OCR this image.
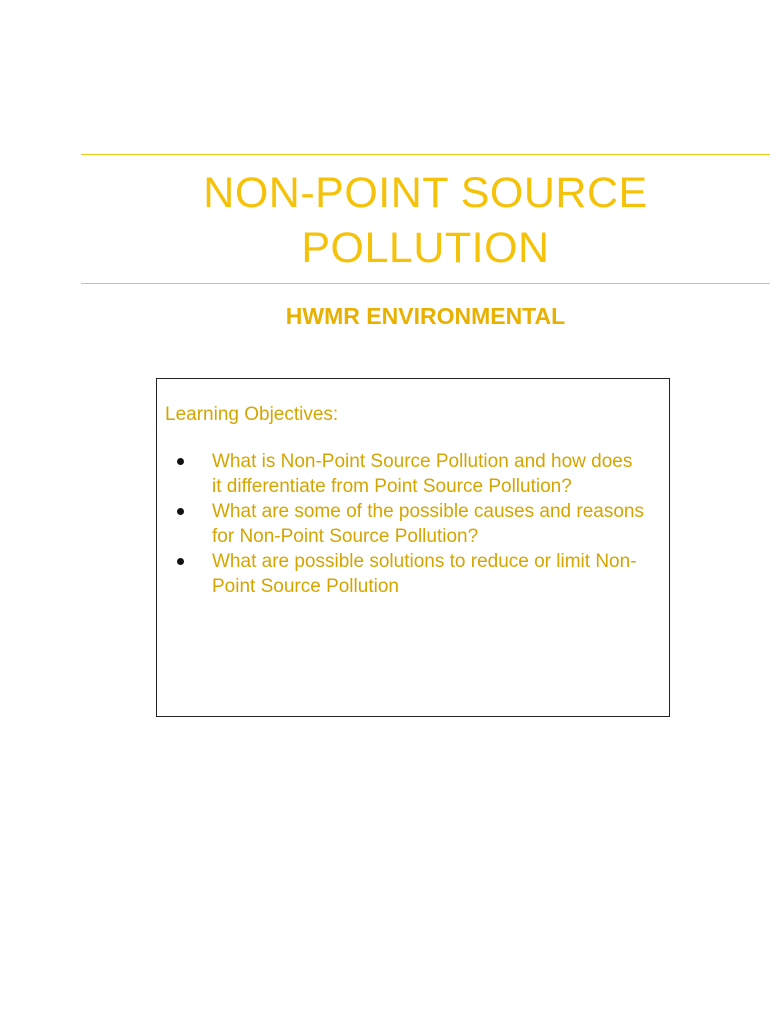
NON-POINT SOURCE
POLLUTION
HWMR ENVIRONMENTAL

Learning Objectives:

What is Non-Point Source Pollution and how does it differentiate from Point Source Pollution?
What are some of the possible causes and reasons for Non-Point Source Pollution?
What are possible solutions to reduce or limit Non-Point Source Pollution
